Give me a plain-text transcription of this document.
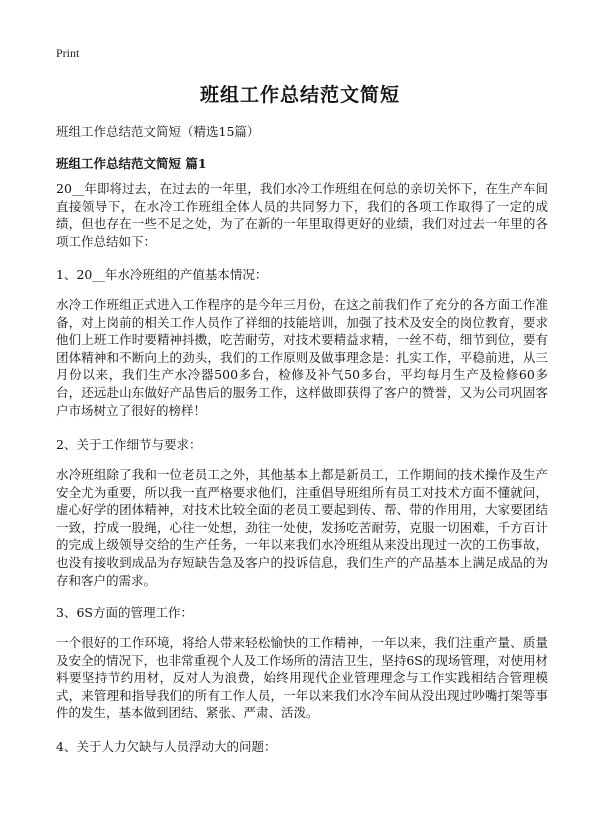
Print
班组工作总结范文简短

班组工作总结范文简短（精选15篇）

班组工作总结范文简短 篇1

20__年即将过去，在过去的一年里，我们水冷工作班组在何总的亲切关怀下，在生产车间直接领导下，在水冷工作班组全体人员的共同努力下，我们的各项工作取得了一定的成绩，但也存在一些不足之处，为了在新的一年里取得更好的业绩，我们对过去一年里的各项工作总结如下：

1、20__年水冷班组的产值基本情况：

水冷工作班组正式进入工作程序的是今年三月份，在这之前我们作了充分的各方面工作准备，对上岗前的相关工作人员作了祥细的技能培训，加强了技术及安全的岗位教育，要求他们上班工作时要精神抖擞，吃苦耐劳，对技术要精益求精，一丝不苟，细节到位，要有团体精神和不断向上的劲头，我们的工作原则及做事理念是：扎实工作，平稳前进，从三月份以来，我们生产水冷器500多台，检修及补气50多台，平均每月生产及检修60多台，还远赴山东做好产品售后的服务工作，这样做即获得了客户的赞誉，又为公司巩固客户市场树立了很好的榜样！

2、关于工作细节与要求：

水冷班组除了我和一位老员工之外，其他基本上都是新员工，工作期间的技术操作及生产安全尤为重要，所以我一直严格要求他们，注重倡导班组所有员工对技术方面不懂就问，虚心好学的团体精神，对技术比较全面的老员工要起到传、帮、带的作用用，大家要团结一致，拧成一股绳，心往一处想，劲往一处使，发扬吃苦耐劳，克服一切困难，千方百计的完成上级领导交给的生产任务，一年以来我们水冷班组从来没出现过一次的工伤事故，也没有接收到成品为存短缺告急及客户的投诉信息，我们生产的产品基本上满足成品的为存和客户的需求。

3、6S方面的管理工作：

一个很好的工作环境，将给人带来轻松愉快的工作精神，一年以来，我们注重产量、质量及安全的情况下，也非常重视个人及工作场所的清洁卫生，坚持6S的现场管理，对使用材料要坚持节约用材，反对人为浪费，始终用现代企业管理理念与工作实践相结合管理模式，来管理和指导我们的所有工作人员，一年以来我们水冷车间从没出现过吵嘴打架等事件的发生，基本做到团结、紧张、严肃、活泼。

4、关于人力欠缺与人员浮动大的问题：
